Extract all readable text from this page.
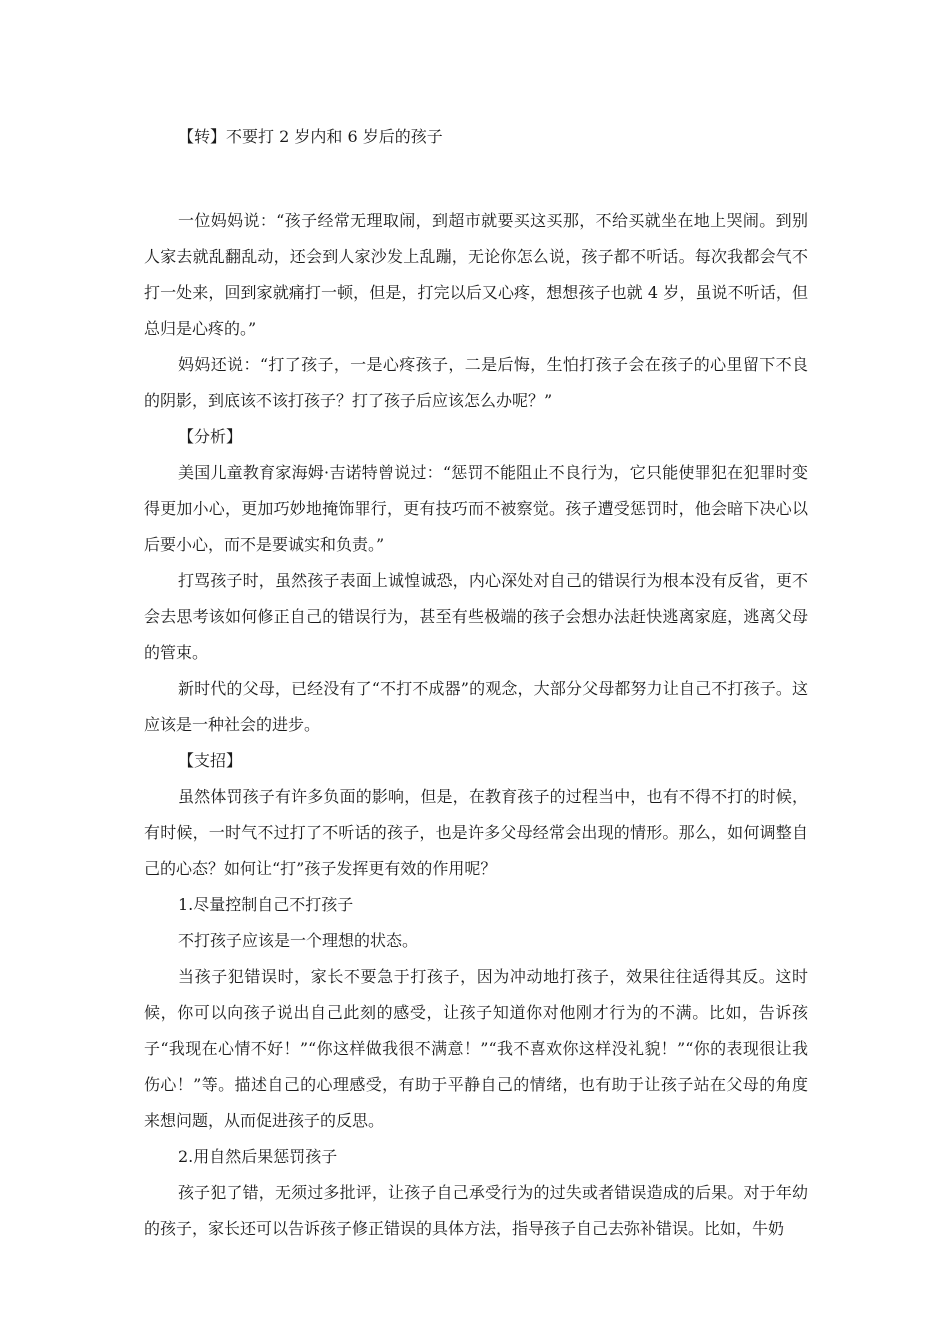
【转】不要打 2 岁内和 6 岁后的孩子

一位妈妈说：“孩子经常无理取闹，到超市就要买这买那，不给买就坐在地上哭闹。到别人家去就乱翻乱动，还会到人家沙发上乱蹦，无论你怎么说，孩子都不听话。每次我都会气不打一处来，回到家就痛打一顿，但是，打完以后又心疼，想想孩子也就 4 岁，虽说不听话，但总归是心疼的。”

妈妈还说：“打了孩子，一是心疼孩子，二是后悔，生怕打孩子会在孩子的心里留下不良的阴影，到底该不该打孩子？打了孩子后应该怎么办呢？”

【分析】

美国儿童教育家海姆·吉诺特曾说过：“惩罚不能阻止不良行为，它只能使罪犯在犯罪时变得更加小心，更加巧妙地掩饰罪行，更有技巧而不被察觉。孩子遭受惩罚时，他会暗下决心以后要小心，而不是要诚实和负责。”

打骂孩子时，虽然孩子表面上诚惶诚恐，内心深处对自己的错误行为根本没有反省，更不会去思考该如何修正自己的错误行为，甚至有些极端的孩子会想办法赶快逃离家庭，逃离父母的管束。

新时代的父母，已经没有了“不打不成器”的观念，大部分父母都努力让自己不打孩子。这应该是一种社会的进步。

【支招】

虽然体罚孩子有许多负面的影响，但是，在教育孩子的过程当中，也有不得不打的时候，有时候，一时气不过打了不听话的孩子，也是许多父母经常会出现的情形。那么，如何调整自己的心态？如何让“打”孩子发挥更有效的作用呢？

1.尽量控制自己不打孩子

不打孩子应该是一个理想的状态。

当孩子犯错误时，家长不要急于打孩子，因为冲动地打孩子，效果往往适得其反。这时候，你可以向孩子说出自己此刻的感受，让孩子知道你对他刚才行为的不满。比如，告诉孩子“我现在心情不好！”“你这样做我很不满意！”“我不喜欢你这样没礼貌！”“你的表现很让我伤心！”等。描述自己的心理感受，有助于平静自己的情绪，也有助于让孩子站在父母的角度来想问题，从而促进孩子的反思。

2.用自然后果惩罚孩子

孩子犯了错，无须过多批评，让孩子自己承受行为的过失或者错误造成的后果。对于年幼的孩子，家长还可以告诉孩子修正错误的具体方法，指导孩子自己去弥补错误。比如，牛奶
